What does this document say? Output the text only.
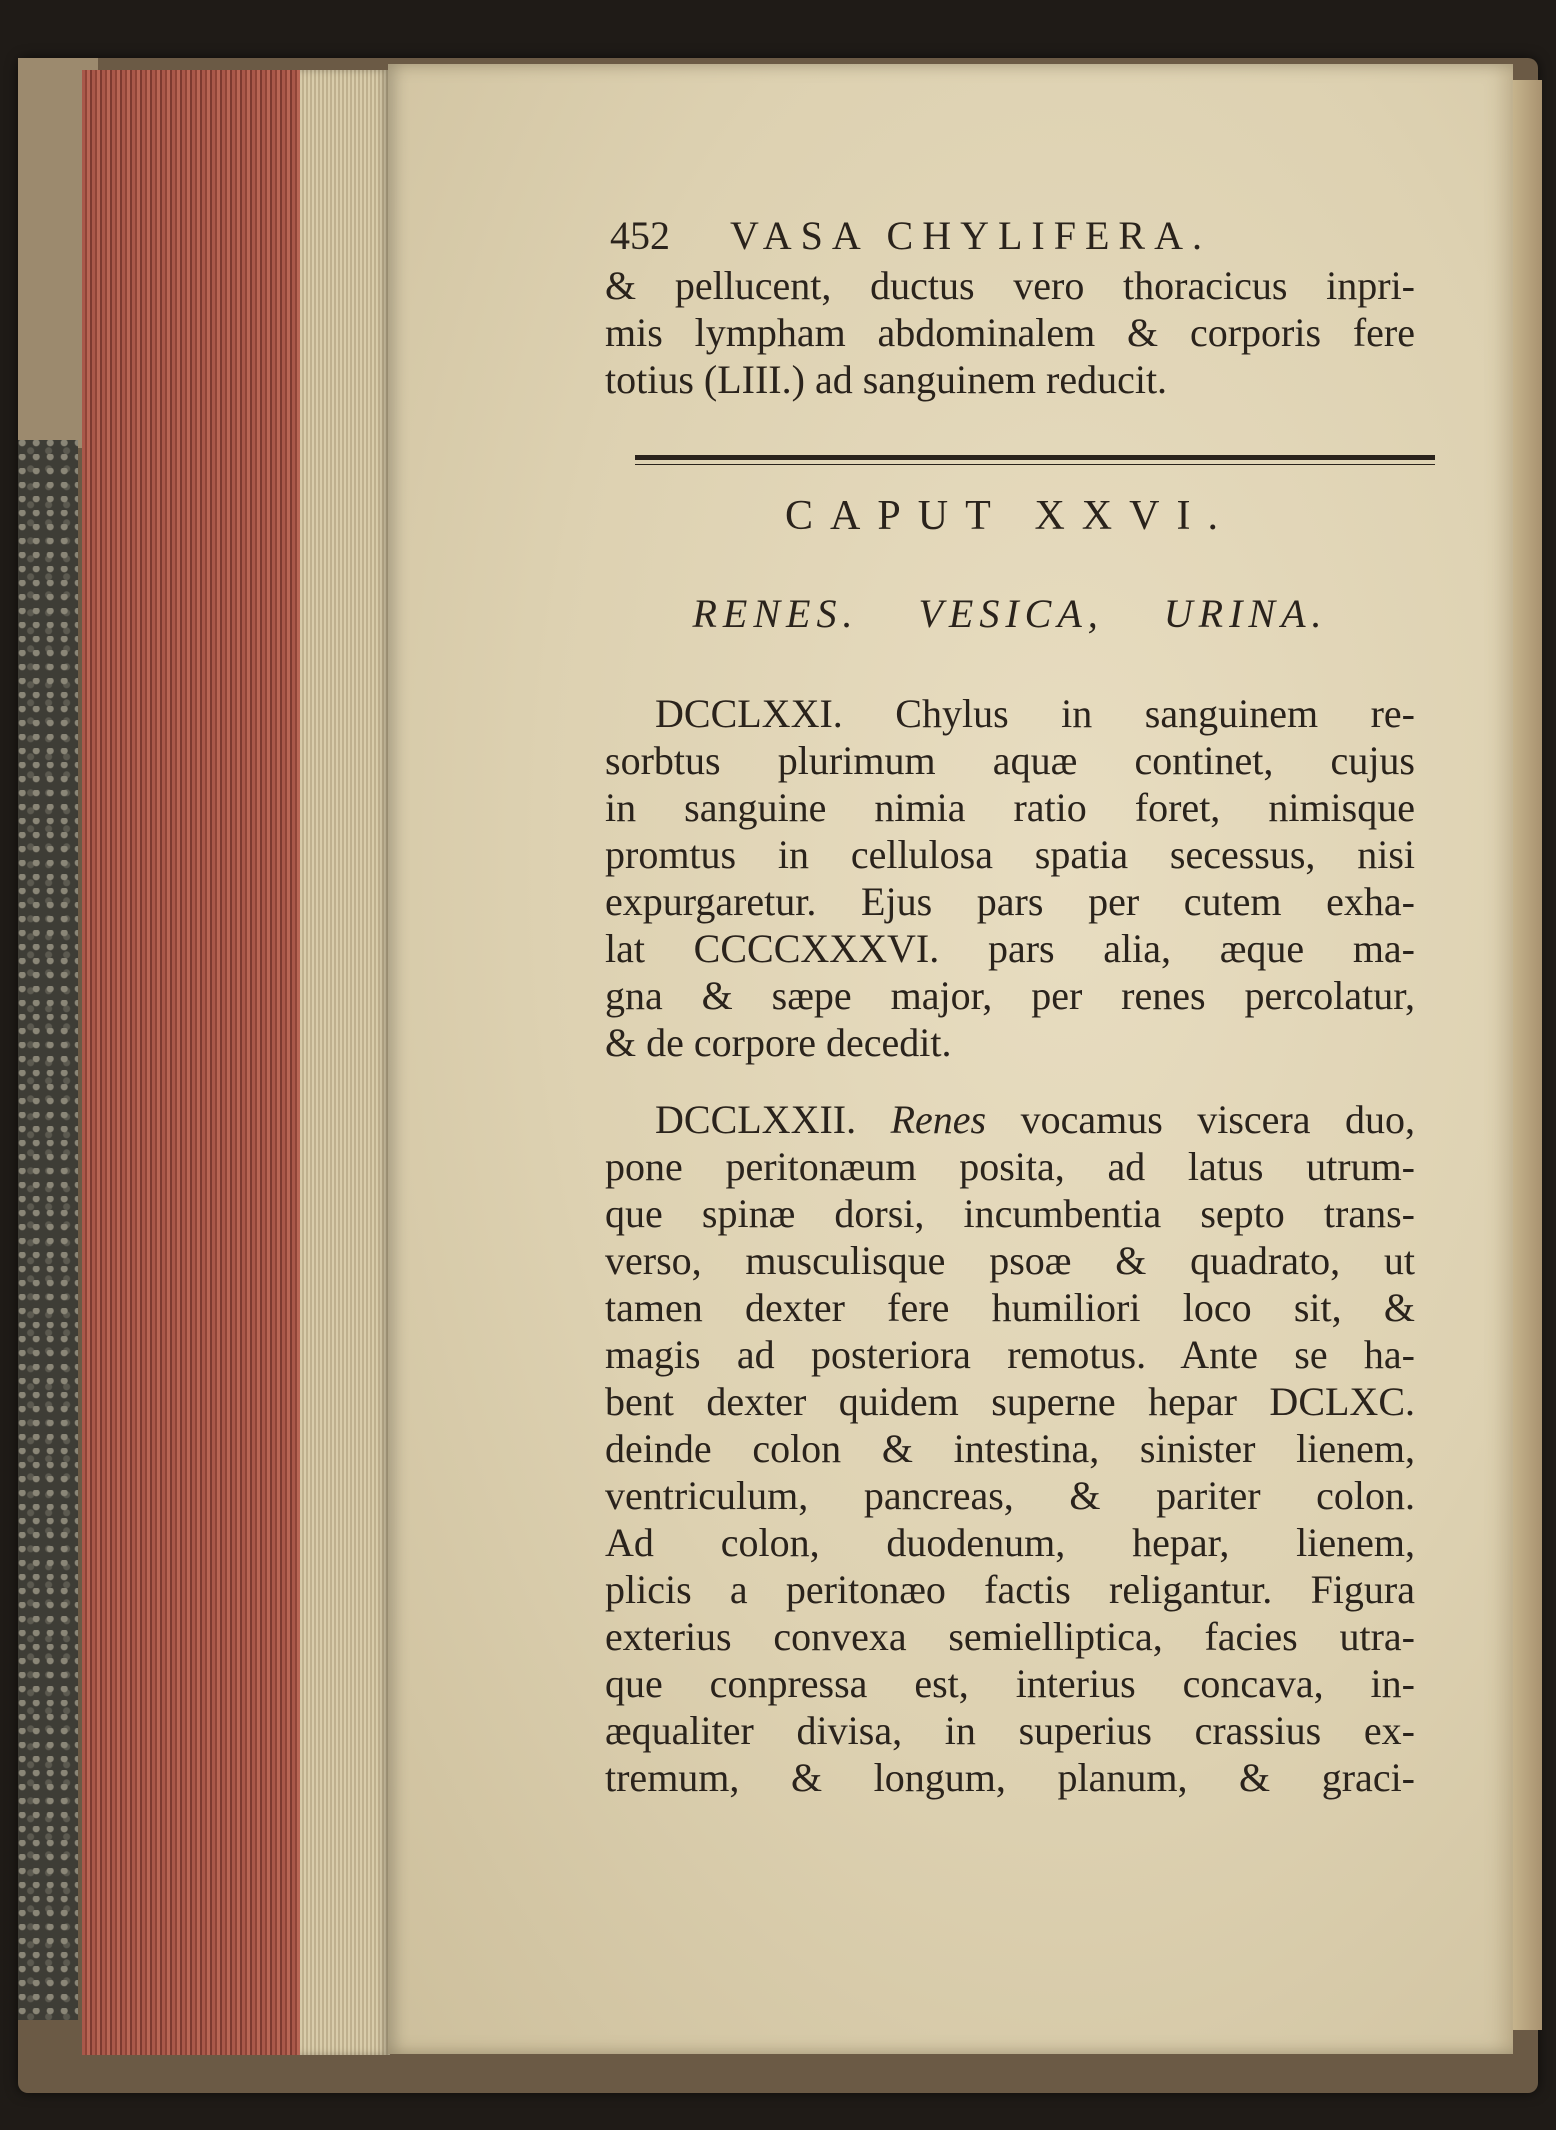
452 VASA CHYLIFERA.
& pellucent, ductus vero thoracicus inpri-
mis lympham abdominalem & corporis fere
totius (LIII.) ad sanguinem reducit.
CAPUT XXVI.
RENES. VESICA, URINA.
DCCLXXI. Chylus in sanguinem re-
sorbtus plurimum aquæ continet, cujus
in sanguine nimia ratio foret, nimisque
promtus in cellulosa spatia secessus, nisi
expurgaretur. Ejus pars per cutem exha-
lat CCCCXXXVI. pars alia, æque ma-
gna & sæpe major, per renes percolatur,
& de corpore decedit.
DCCLXXII. Renes vocamus viscera duo,
pone peritonæum posita, ad latus utrum-
que spinæ dorsi, incumbentia septo trans-
verso, musculisque psoæ & quadrato, ut
tamen dexter fere humiliori loco sit, &
magis ad posteriora remotus. Ante se ha-
bent dexter quidem superne hepar DCLXC.
deinde colon & intestina, sinister lienem,
ventriculum, pancreas, & pariter colon.
Ad colon, duodenum, hepar, lienem,
plicis a peritonæo factis religantur. Figura
exterius convexa semielliptica, facies utra-
que conpressa est, interius concava, in-
æqualiter divisa, in superius crassius ex-
tremum, & longum, planum, & graci-
